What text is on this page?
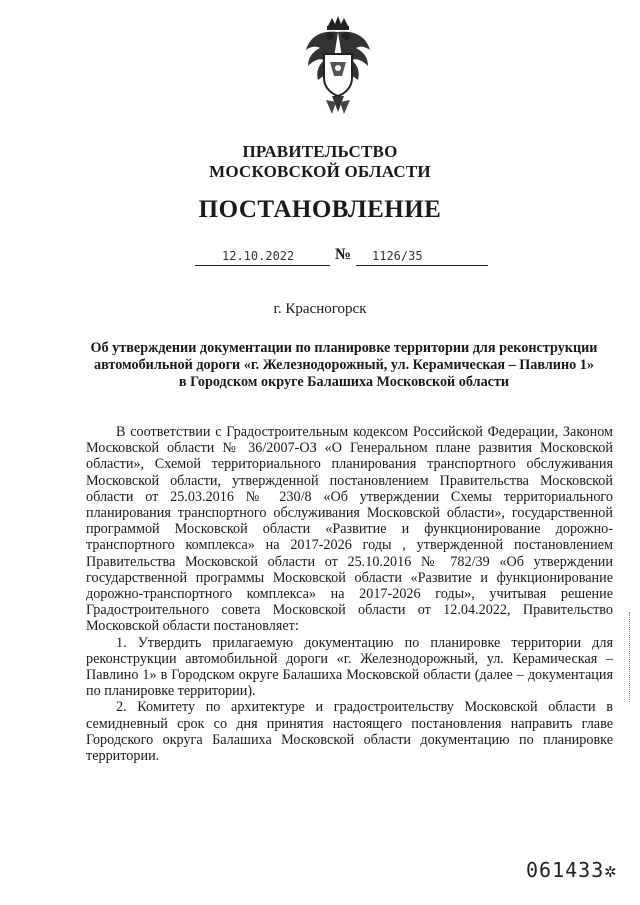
ПРАВИТЕЛЬСТВО
МОСКОВСКОЙ ОБЛАСТИ
ПОСТАНОВЛЕНИЕ
12.10.2022	№ 1126/35
г. Красногорск
Об утверждении документации по планировке территории для реконструкции
автомобильной дороги «г. Железнодорожный, ул. Керамическая – Павлино 1»
в Городском округе Балашиха Московской области

В соответствии с Градостроительным кодексом Российской Федерации, Законом Московской области № 36/2007-ОЗ «О Генеральном плане развития Московской области», Схемой территориального планирования транспортного обслуживания Московской области, утвержденной постановлением Правительства Московской области от 25.03.2016 № 230/8 «Об утверждении Схемы территориального планирования транспортного обслуживания Московской области», государственной программой Московской области «Развитие и функционирование дорожно-транспортного комплекса» на 2017-2026 годы , утвержденной постановлением Правительства Московской области от 25.10.2016 № 782/39 «Об утверждении государственной программы Московской области «Развитие и функционирование дорожно-транспортного комплекса» на 2017-2026 годы», учитывая решение Градостроительного совета Московской области от 12.04.2022, Правительство Московской области постановляет:

1. Утвердить прилагаемую документацию по планировке территории для реконструкции автомобильной дороги «г. Железнодорожный, ул. Керамическая – Павлино 1» в Городском округе Балашиха Московской области (далее – документация по планировке территории).

2. Комитету по архитектуре и градостроительству Московской области в семидневный срок со дня принятия настоящего постановления направить главе Городского округа Балашиха Московской области документацию по планировке территории.

061433✲
